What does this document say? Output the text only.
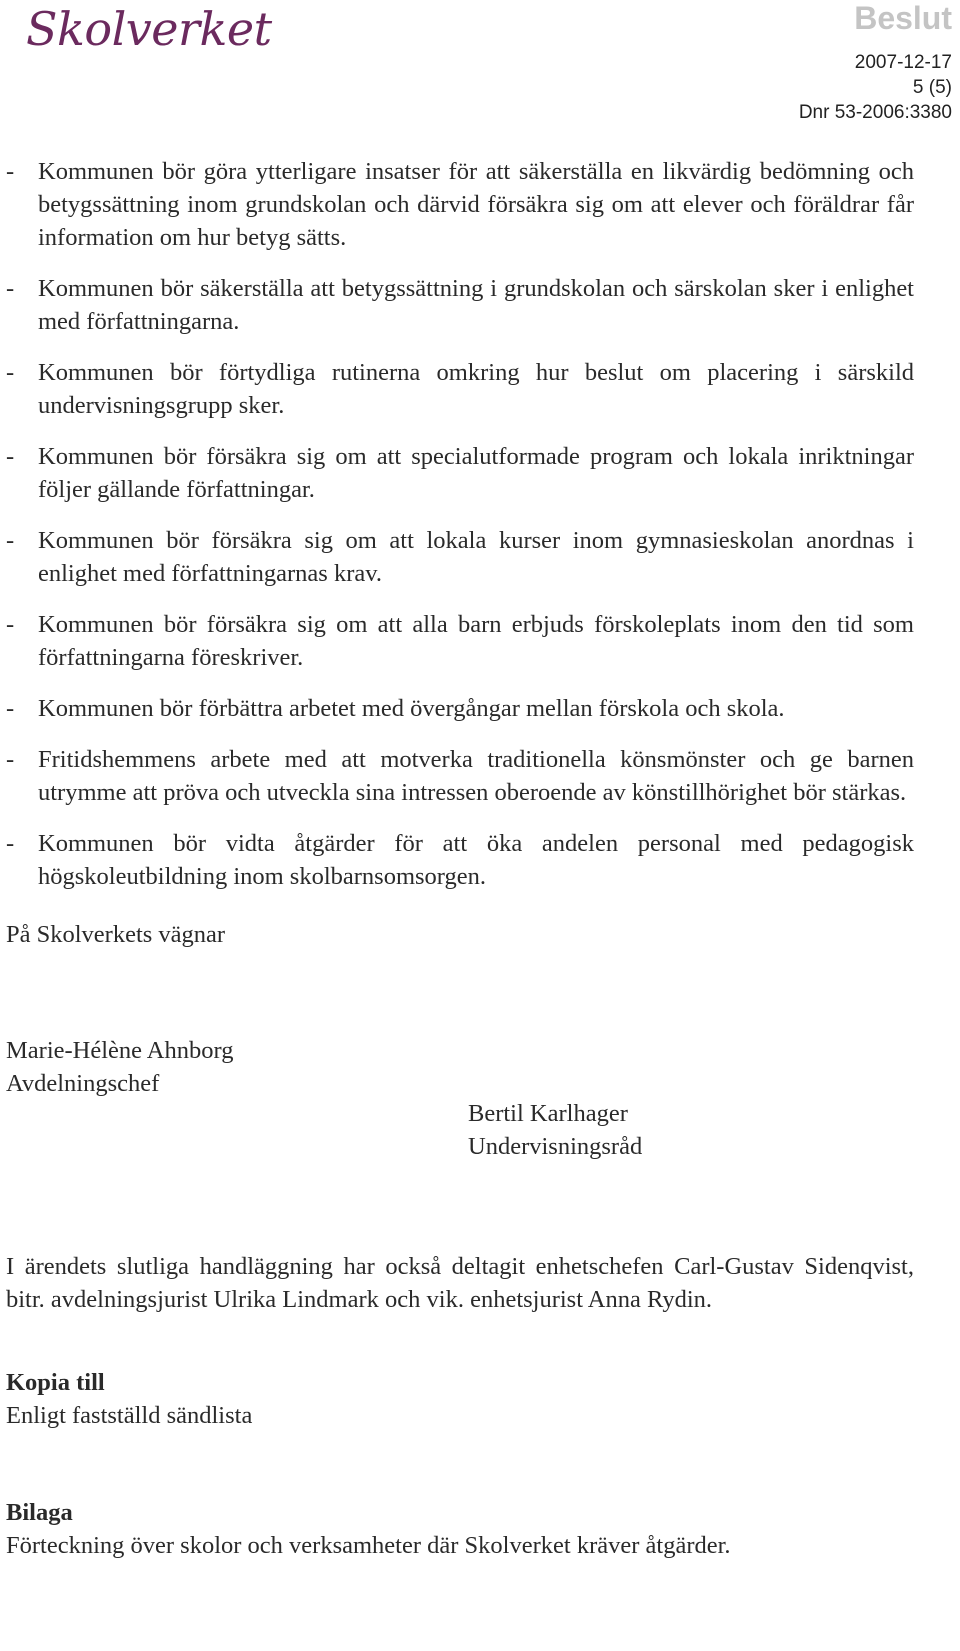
Skolverket	Beslut
2007-12-17
5 (5)
Dnr 53-2006:3380
- Kommunen bör göra ytterligare insatser för att säkerställa en likvärdig bedömning och betygssättning inom grundskolan och därvid försäkra sig om att elever och föräldrar får information om hur betyg sätts.
- Kommunen bör säkerställa att betygssättning i grundskolan och särskolan sker i enlighet med författningarna.
- Kommunen bör förtydliga rutinerna omkring hur beslut om placering i särskild undervisningsgrupp sker.
- Kommunen bör försäkra sig om att specialutformade program och lokala inriktningar följer gällande författningar.
- Kommunen bör försäkra sig om att lokala kurser inom gymnasieskolan anordnas i enlighet med författningarnas krav.
- Kommunen bör försäkra sig om att alla barn erbjuds förskoleplats inom den tid som författningarna föreskriver.
- Kommunen bör förbättra arbetet med övergångar mellan förskola och skola.
- Fritidshemmens arbete med att motverka traditionella könsmönster och ge barnen utrymme att pröva och utveckla sina intressen oberoende av könstillhörighet bör stärkas.
- Kommunen bör vidta åtgärder för att öka andelen personal med pedagogisk högskoleutbildning inom skolbarnsomsorgen.
På Skolverkets vägnar
Marie-Hélène Ahnborg
Avdelningschef
Bertil Karlhager
Undervisningsråd
I ärendets slutliga handläggning har också deltagit enhetschefen Carl-Gustav Sidenqvist, bitr. avdelningsjurist Ulrika Lindmark och vik. enhetsjurist Anna Rydin.
Kopia till
Enligt fastställd sändlista
Bilaga
Förteckning över skolor och verksamheter där Skolverket kräver åtgärder.
